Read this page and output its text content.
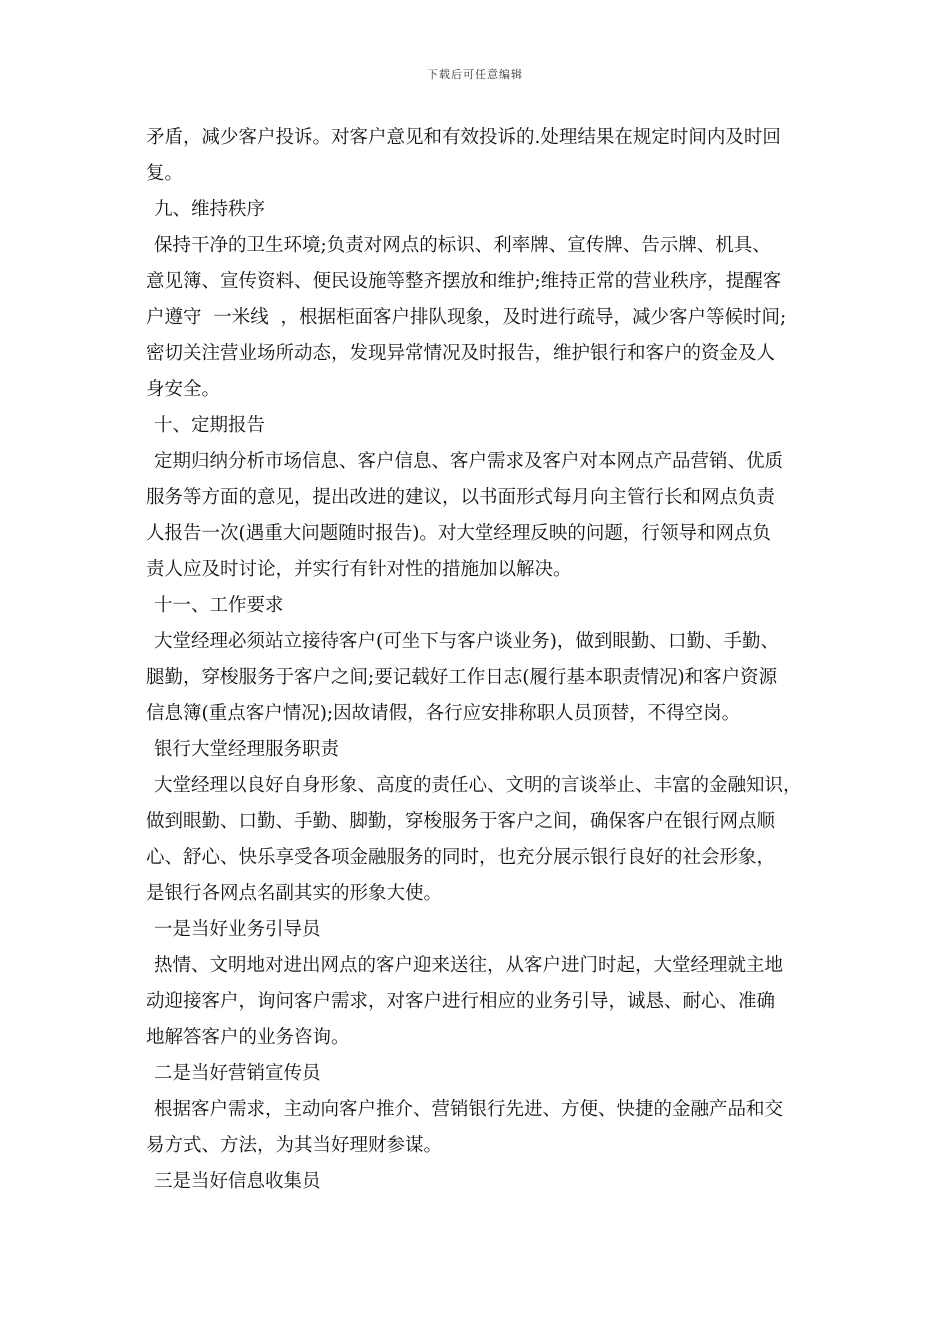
下载后可任意编辑
矛盾，减少客户投诉。对客户意见和有效投诉的.处理结果在规定时间内及时回
复。
九、维持秩序
保持干净的卫生环境;负责对网点的标识、利率牌、宣传牌、告示牌、机具、
意见簿、宣传资料、便民设施等整齐摆放和维护;维持正常的营业秩序，提醒客
户遵守  一米线  ，根据柜面客户排队现象，及时进行疏导，减少客户等候时间;
密切关注营业场所动态，发现异常情况及时报告，维护银行和客户的资金及人
身安全。
十、定期报告
定期归纳分析市场信息、客户信息、客户需求及客户对本网点产品营销、优质
服务等方面的意见，提出改进的建议，以书面形式每月向主管行长和网点负责
人报告一次(遇重大问题随时报告)。对大堂经理反映的问题，行领导和网点负
责人应及时讨论，并实行有针对性的措施加以解决。
十一、工作要求
大堂经理必须站立接待客户(可坐下与客户谈业务)，做到眼勤、口勤、手勤、
腿勤，穿梭服务于客户之间;要记载好工作日志(履行基本职责情况)和客户资源
信息簿(重点客户情况);因故请假，各行应安排称职人员顶替，不得空岗。
银行大堂经理服务职责
大堂经理以良好自身形象、高度的责任心、文明的言谈举止、丰富的金融知识，
做到眼勤、口勤、手勤、脚勤，穿梭服务于客户之间，确保客户在银行网点顺
心、舒心、快乐享受各项金融服务的同时，也充分展示银行良好的社会形象，
是银行各网点名副其实的形象大使。
一是当好业务引导员
热情、文明地对进出网点的客户迎来送往，从客户进门时起，大堂经理就主地
动迎接客户，询问客户需求，对客户进行相应的业务引导，诚恳、耐心、准确
地解答客户的业务咨询。
二是当好营销宣传员
根据客户需求，主动向客户推介、营销银行先进、方便、快捷的金融产品和交
易方式、方法，为其当好理财参谋。
三是当好信息收集员
